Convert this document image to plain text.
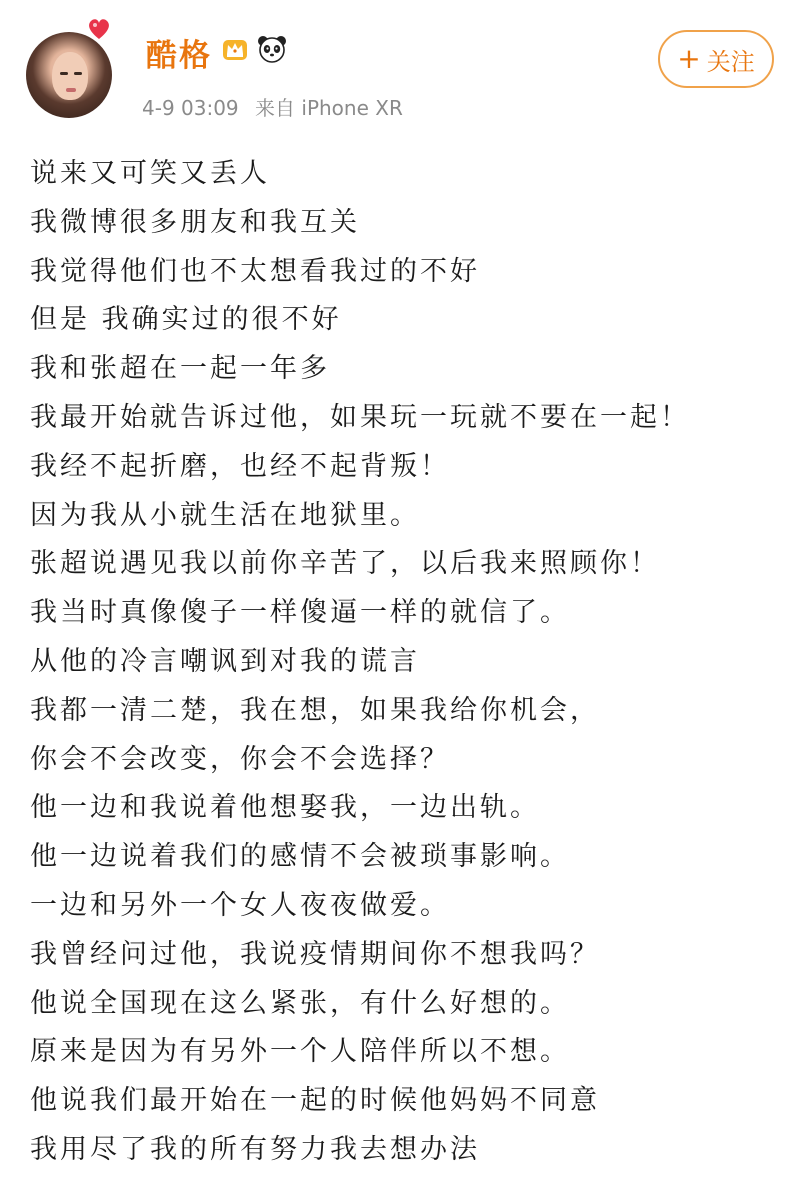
酷格
4-9 03:09 来自 iPhone XR
+ 关注
说来又可笑又丢人
我微博很多朋友和我互关
我觉得他们也不太想看我过的不好
但是 我确实过的很不好
我和张超在一起一年多
我最开始就告诉过他，如果玩一玩就不要在一起！
我经不起折磨，也经不起背叛！
因为我从小就生活在地狱里。
张超说遇见我以前你辛苦了，以后我来照顾你！
我当时真像傻子一样傻逼一样的就信了。
从他的冷言嘲讽到对我的谎言
我都一清二楚，我在想，如果我给你机会，
你会不会改变，你会不会选择？
他一边和我说着他想娶我，一边出轨。
他一边说着我们的感情不会被琐事影响。
一边和另外一个女人夜夜做爱。
我曾经问过他，我说疫情期间你不想我吗？
他说全国现在这么紧张，有什么好想的。
原来是因为有另外一个人陪伴所以不想。
他说我们最开始在一起的时候他妈妈不同意
我用尽了我的所有努力我去想办法
